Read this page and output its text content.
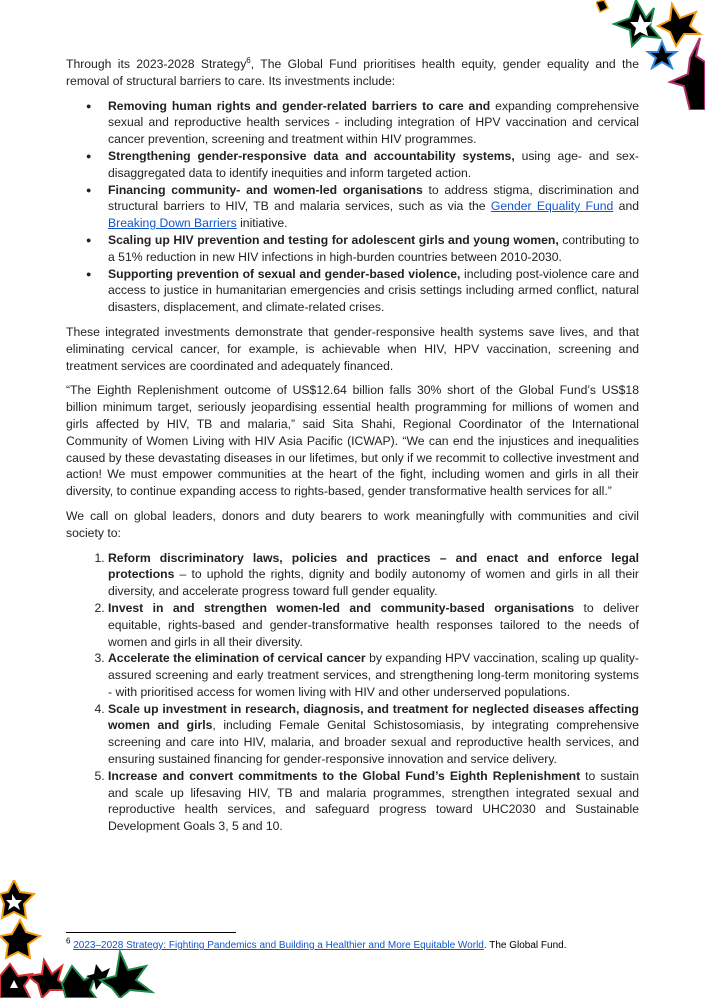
Through its 2023-2028 Strategy$^6$, The Global Fund prioritises health equity, gender equality and the removal of structural barriers to care. Its investments include:

● Removing human rights and gender-related barriers to care and expanding comprehensive sexual and reproductive health services - including integration of HPV vaccination and cervical cancer prevention, screening and treatment within HIV programmes.
● Strengthening gender-responsive data and accountability systems, using age- and sex-disaggregated data to identify inequities and inform targeted action.
● Financing community- and women-led organisations to address stigma, discrimination and structural barriers to HIV, TB and malaria services, such as via the Gender Equality Fund and Breaking Down Barriers initiative.
● Scaling up HIV prevention and testing for adolescent girls and young women, contributing to a 51% reduction in new HIV infections in high-burden countries between 2010-2030.
● Supporting prevention of sexual and gender-based violence, including post-violence care and access to justice in humanitarian emergencies and crisis settings including armed conflict, natural disasters, displacement, and climate-related crises.

These integrated investments demonstrate that gender-responsive health systems save lives, and that eliminating cervical cancer, for example, is achievable when HIV, HPV vaccination, screening and treatment services are coordinated and adequately financed.

“The Eighth Replenishment outcome of US$12.64 billion falls 30% short of the Global Fund’s US$18 billion minimum target, seriously jeopardising essential health programming for millions of women and girls affected by HIV, TB and malaria,” said Sita Shahi, Regional Coordinator of the International Community of Women Living with HIV Asia Pacific (ICWAP). “We can end the injustices and inequalities caused by these devastating diseases in our lifetimes, but only if we recommit to collective investment and action! We must empower communities at the heart of the fight, including women and girls in all their diversity, to continue expanding access to rights-based, gender transformative health services for all.”

We call on global leaders, donors and duty bearers to work meaningfully with communities and civil society to:

1. Reform discriminatory laws, policies and practices – and enact and enforce legal protections – to uphold the rights, dignity and bodily autonomy of women and girls in all their diversity, and accelerate progress toward full gender equality.
2. Invest in and strengthen women-led and community-based organisations to deliver equitable, rights-based and gender-transformative health responses tailored to the needs of women and girls in all their diversity.
3. Accelerate the elimination of cervical cancer by expanding HPV vaccination, scaling up quality-assured screening and early treatment services, and strengthening long-term monitoring systems - with prioritised access for women living with HIV and other underserved populations.
4. Scale up investment in research, diagnosis, and treatment for neglected diseases affecting women and girls, including Female Genital Schistosomiasis, by integrating comprehensive screening and care into HIV, malaria, and broader sexual and reproductive health services, and ensuring sustained financing for gender-responsive innovation and service delivery.
5. Increase and convert commitments to the Global Fund’s Eighth Replenishment to sustain and scale up lifesaving HIV, TB and malaria programmes, strengthen integrated sexual and reproductive health services, and safeguard progress toward UHC2030 and Sustainable Development Goals 3, 5 and 10.
$^6$ 2023–2028 Strategy: Fighting Pandemics and Building a Healthier and More Equitable World. The Global Fund.
